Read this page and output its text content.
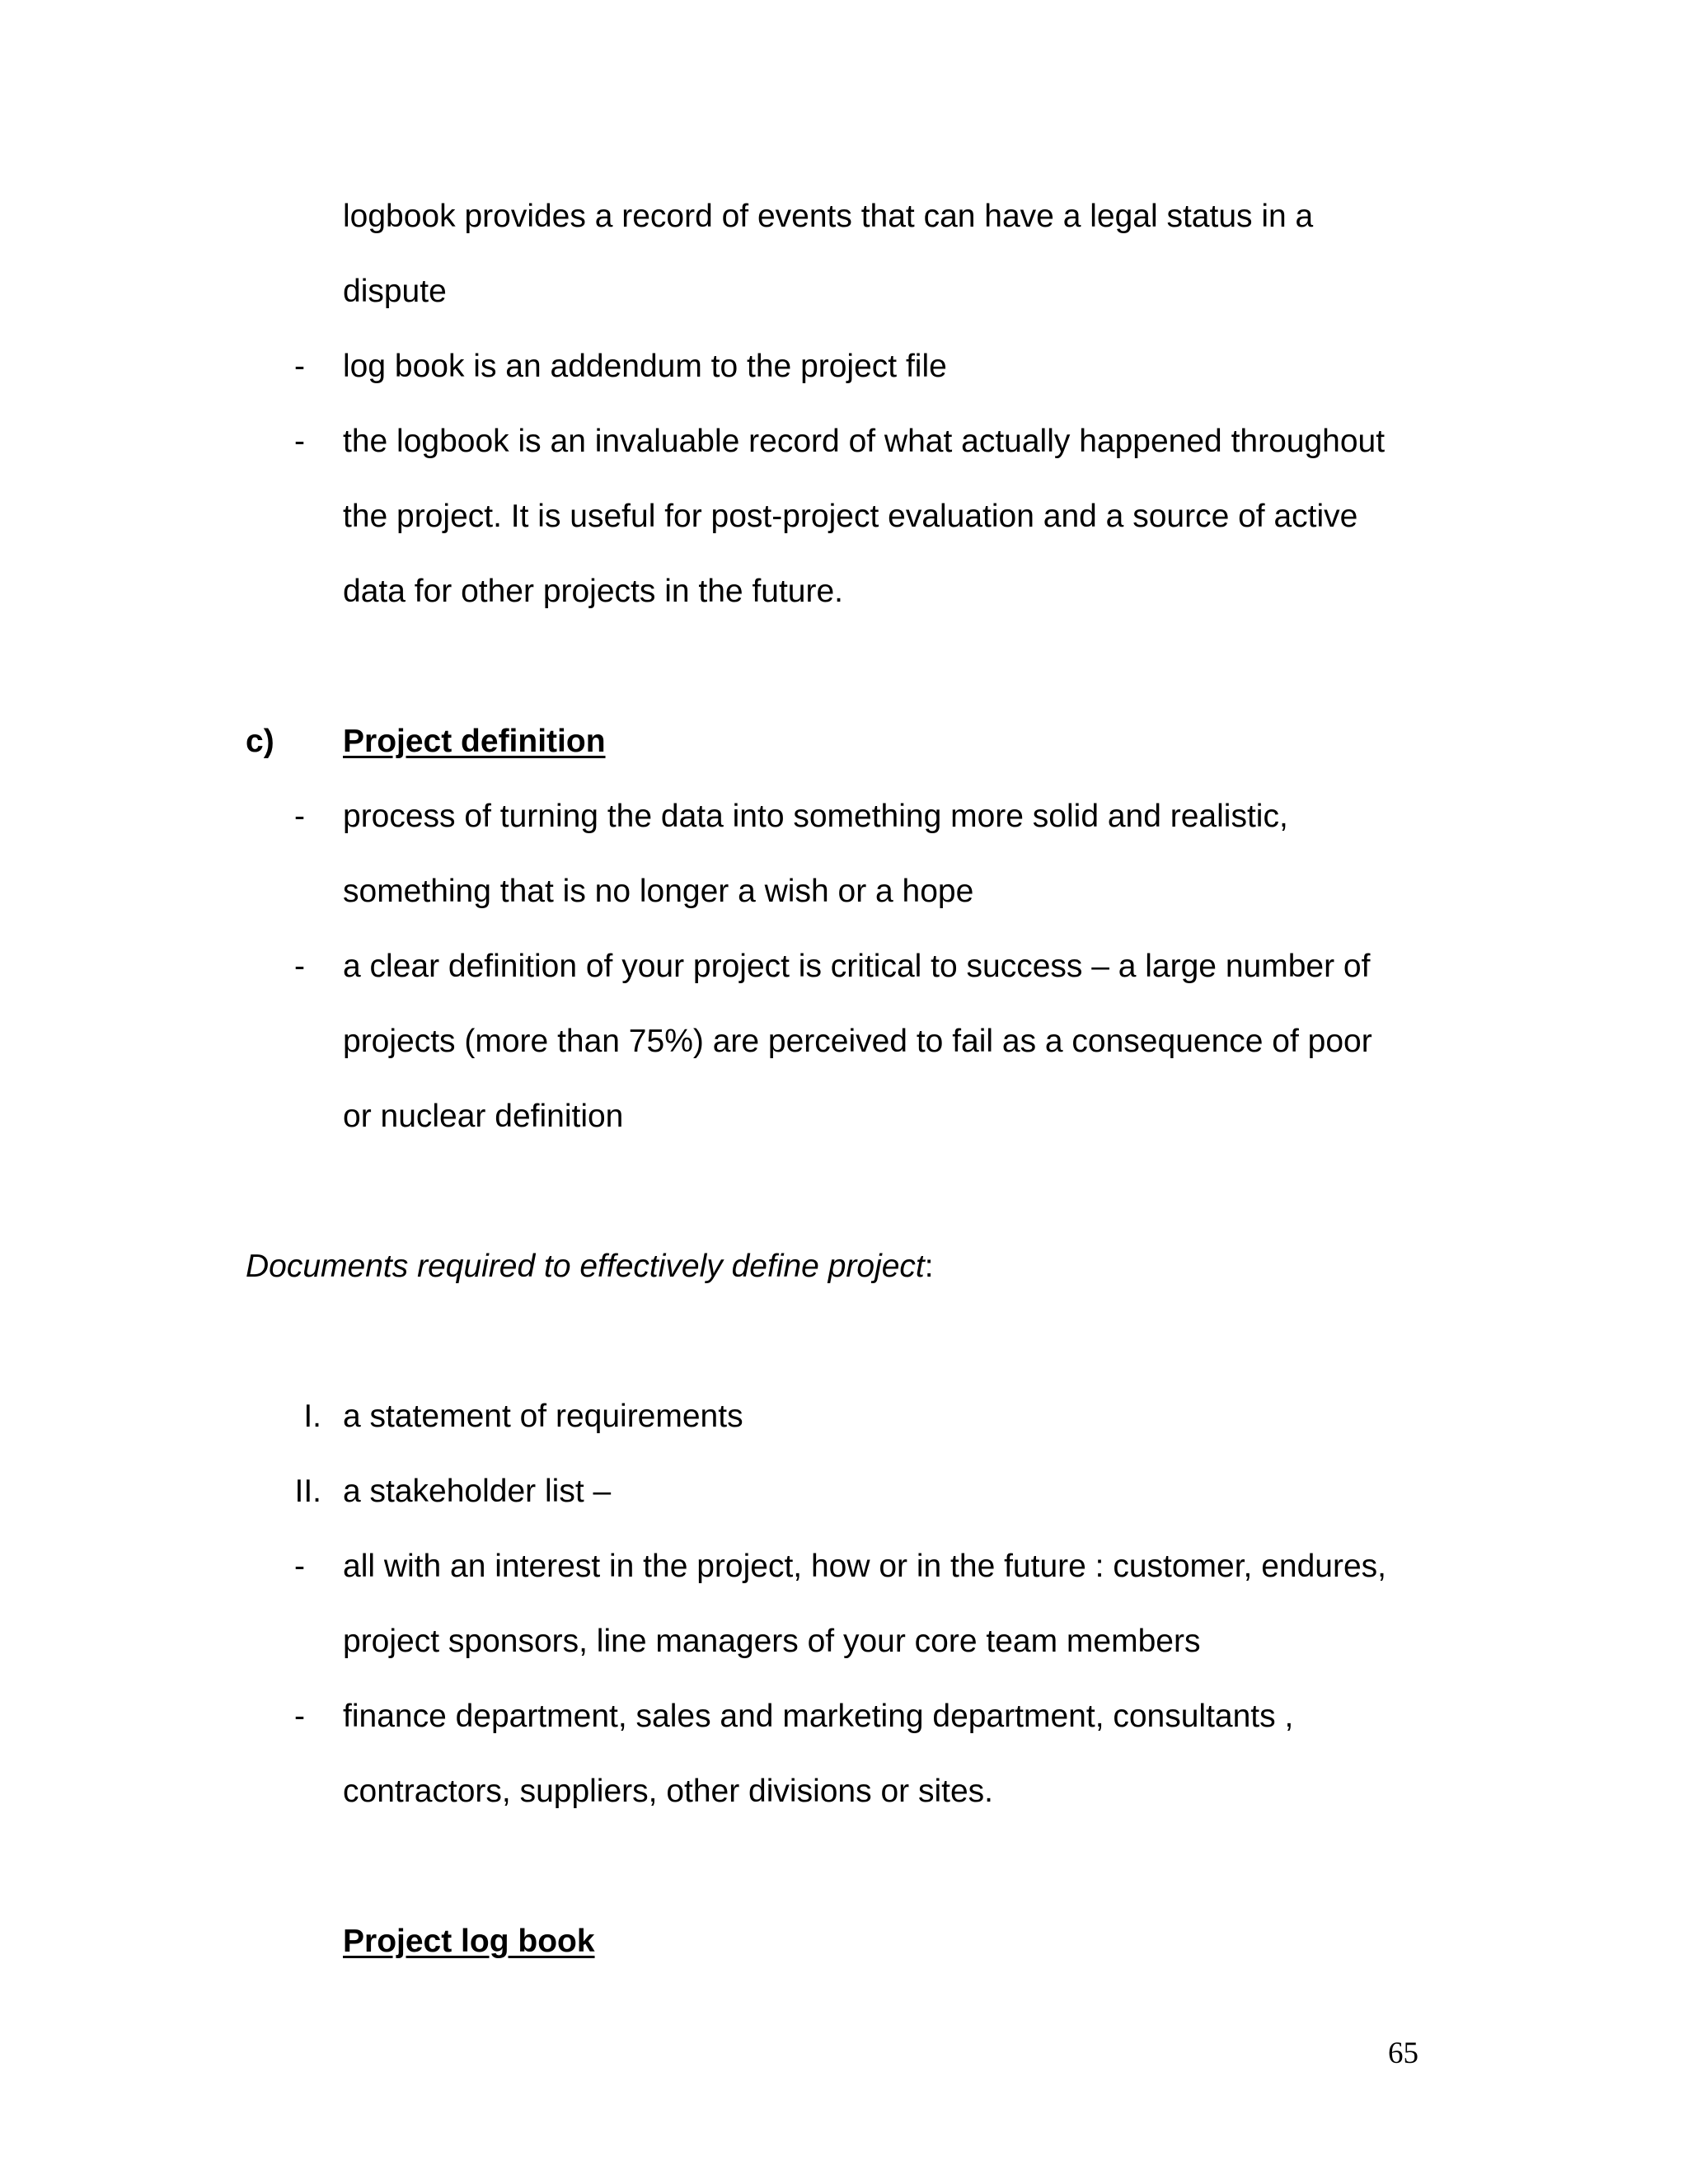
logbook provides a record of events that can have a legal status in a
dispute
- log book is an addendum to the project file
- the logbook is an invaluable record of what actually happened throughout
the project. It is useful for post-project evaluation and a source of active
data for other projects in the future.
c) Project definition
- process of turning the data into something more solid and realistic,
something that is no longer a wish or a hope
- a clear definition of your project is critical to success – a large number of
projects (more than 75%) are perceived to fail as a consequence of poor
or nuclear definition
Documents required to effectively define project:
I. a statement of requirements
II. a stakeholder list –
- all with an interest in the project, how or in the future : customer, endures,
project sponsors, line managers of your core team members
- finance department, sales and marketing department, consultants ,
contractors, suppliers, other divisions or sites.
Project log book
65
